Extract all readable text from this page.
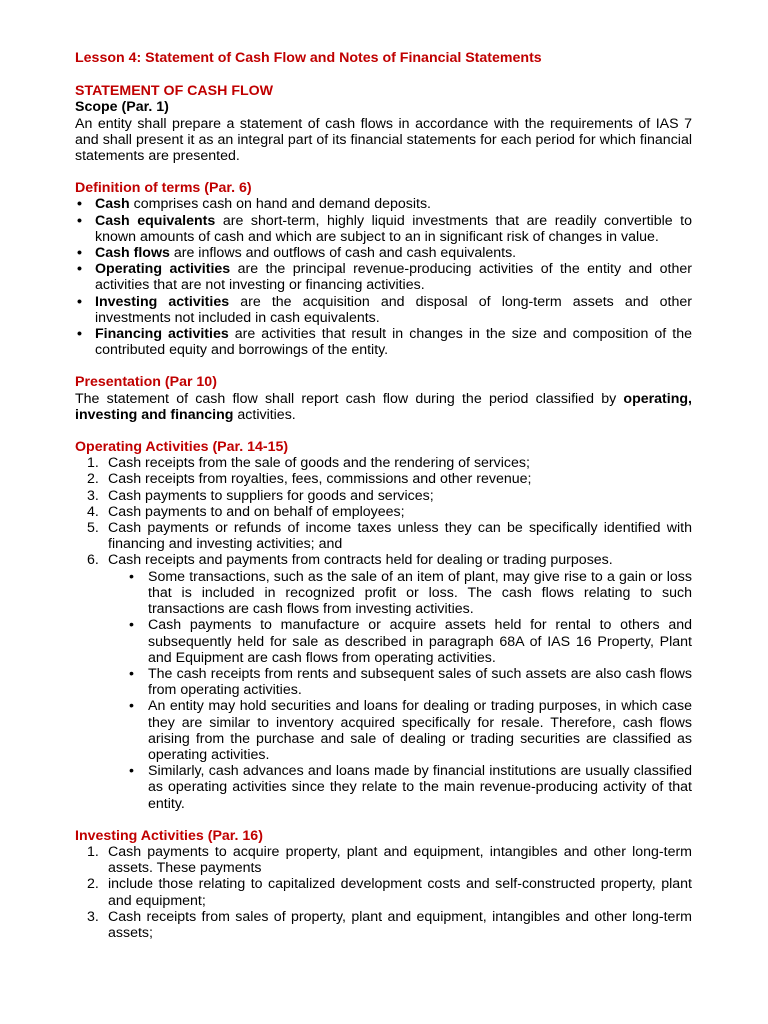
Lesson 4: Statement of Cash Flow and Notes of Financial Statements
STATEMENT OF CASH FLOW
Scope (Par. 1)

An entity shall prepare a statement of cash flows in accordance with the requirements of IAS 7 and shall present it as an integral part of its financial statements for each period for which financial statements are presented.

Definition of terms (Par. 6)
• Cash comprises cash on hand and demand deposits.
• Cash equivalents are short-term, highly liquid investments that are readily convertible to known amounts of cash and which are subject to an in significant risk of changes in value.
• Cash flows are inflows and outflows of cash and cash equivalents.
• Operating activities are the principal revenue-producing activities of the entity and other activities that are not investing or financing activities.
• Investing activities are the acquisition and disposal of long-term assets and other investments not included in cash equivalents.
• Financing activities are activities that result in changes in the size and composition of the contributed equity and borrowings of the entity.
Presentation (Par 10)

The statement of cash flow shall report cash flow during the period classified by operating, investing and financing activities.

Operating Activities (Par. 14-15)
1. Cash receipts from the sale of goods and the rendering of services;
2. Cash receipts from royalties, fees, commissions and other revenue;
3. Cash payments to suppliers for goods and services;
4. Cash payments to and on behalf of employees;
5. Cash payments or refunds of income taxes unless they can be specifically identified with financing and investing activities; and
6. Cash receipts and payments from contracts held for dealing or trading purposes.
• Some transactions, such as the sale of an item of plant, may give rise to a gain or loss that is included in recognized profit or loss. The cash flows relating to such transactions are cash flows from investing activities.
• Cash payments to manufacture or acquire assets held for rental to others and subsequently held for sale as described in paragraph 68A of IAS 16 Property, Plant and Equipment are cash flows from operating activities.
• The cash receipts from rents and subsequent sales of such assets are also cash flows from operating activities.
• An entity may hold securities and loans for dealing or trading purposes, in which case they are similar to inventory acquired specifically for resale. Therefore, cash flows arising from the purchase and sale of dealing or trading securities are classified as operating activities.
• Similarly, cash advances and loans made by financial institutions are usually classified as operating activities since they relate to the main revenue-producing activity of that entity.
Investing Activities (Par. 16)
1. Cash payments to acquire property, plant and equipment, intangibles and other long-term assets. These payments
2. include those relating to capitalized development costs and self-constructed property, plant and equipment;
3. Cash receipts from sales of property, plant and equipment, intangibles and other long-term assets;
